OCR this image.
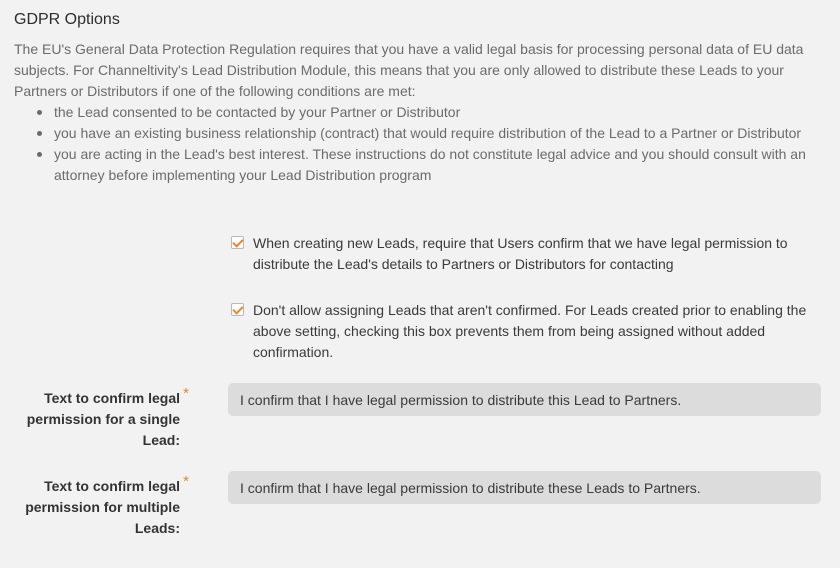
GDPR Options
The EU's General Data Protection Regulation requires that you have a valid legal basis for processing personal data of EU data subjects. For Channeltivity's Lead Distribution Module, this means that you are only allowed to distribute these Leads to your Partners or Distributors if one of the following conditions are met:
the Lead consented to be contacted by your Partner or Distributor
you have an existing business relationship (contract) that would require distribution of the Lead to a Partner or Distributor
you are acting in the Lead's best interest. These instructions do not constitute legal advice and you should consult with an attorney before implementing your Lead Distribution program
When creating new Leads, require that Users confirm that we have legal permission to distribute the Lead's details to Partners or Distributors for contacting
Don't allow assigning Leads that aren't confirmed. For Leads created prior to enabling the above setting, checking this box prevents them from being assigned without added confirmation.
Text to confirm legal permission for a single Lead:
*
I confirm that I have legal permission to distribute this Lead to Partners.
Text to confirm legal permission for multiple Leads:
*
I confirm that I have legal permission to distribute these Leads to Partners.
